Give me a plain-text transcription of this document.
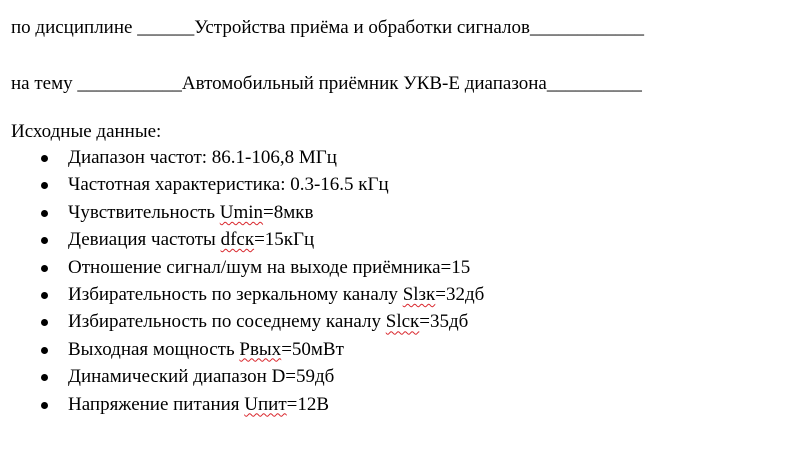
по дисциплине ______Устройства приёма и обработки сигналов____________
на тему ___________Автомобильный приёмник УКВ-Е диапазона__________
Исходные данные:
Диапазон частот: 86.1-106,8 МГц
Частотная характеристика: 0.3-16.5 кГц
Чувствительность Umin=8мкв
Девиация частоты dfск=15кГц
Отношение сигнал/шум на выходе приёмника=15
Избирательность по зеркальному каналу Slзк=32дб
Избирательность по соседнему каналу Slск=35дб
Выходная мощность Pвых=50мВт
Динамический диапазон D=59дб
Напряжение питания Uпит=12В
